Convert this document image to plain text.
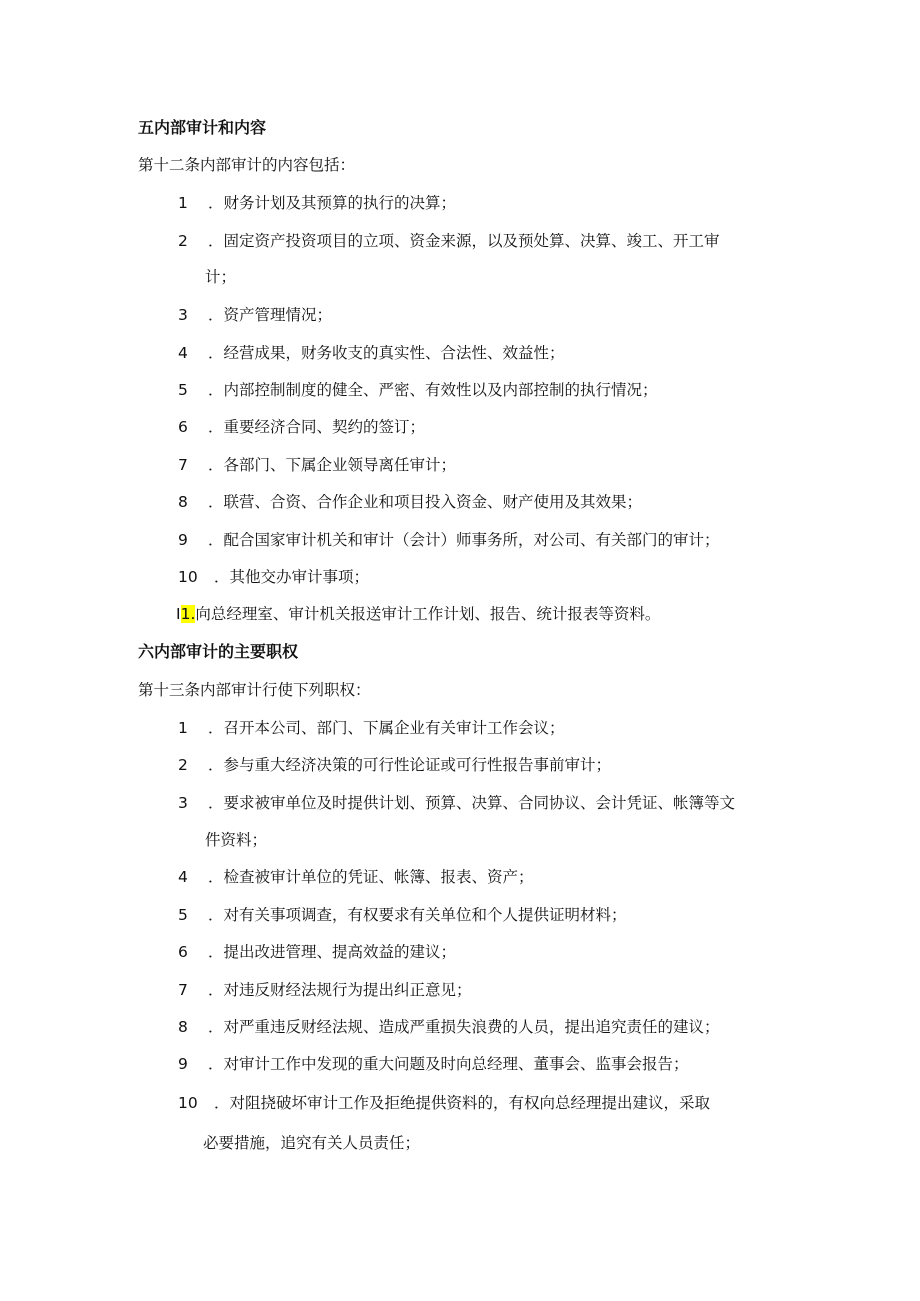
五内部审计和内容
第十二条内部审计的内容包括：
1 ．财务计划及其预算的执行的决算；
2 ．固定资产投资项目的立项、资金来源，以及预处算、决算、竣工、开工审
计；
3 ．资产管理情况；
4 ．经营成果，财务收支的真实性、合法性、效益性；
5 ．内部控制制度的健全、严密、有效性以及内部控制的执行情况；
6 ．重要经济合同、契约的签订；
7 ．各部门、下属企业领导离任审计；
8 ．联营、合资、合作企业和项目投入资金、财产使用及其效果；
9 ．配合国家审计机关和审计（会计）师事务所，对公司、有关部门的审计；
10 ．其他交办审计事项；
I1.向总经理室、审计机关报送审计工作计划、报告、统计报表等资料。
六内部审计的主要职权
第十三条内部审计行使下列职权：
1 ．召开本公司、部门、下属企业有关审计工作会议；
2 ．参与重大经济决策的可行性论证或可行性报告事前审计；
3 ．要求被审单位及时提供计划、预算、决算、合同协议、会计凭证、帐簿等文
件资料；
4 ．检查被审计单位的凭证、帐簿、报表、资产；
5 ．对有关事项调查，有权要求有关单位和个人提供证明材料；
6 ．提出改进管理、提高效益的建议；
7 ．对违反财经法规行为提出纠正意见；
8 ．对严重违反财经法规、造成严重损失浪费的人员，提出追究责任的建议；
9 ．对审计工作中发现的重大问题及时向总经理、董事会、监事会报告；
10 ．对阻挠破坏审计工作及拒绝提供资料的，有权向总经理提出建议，采取
必要措施，追究有关人员责任；
